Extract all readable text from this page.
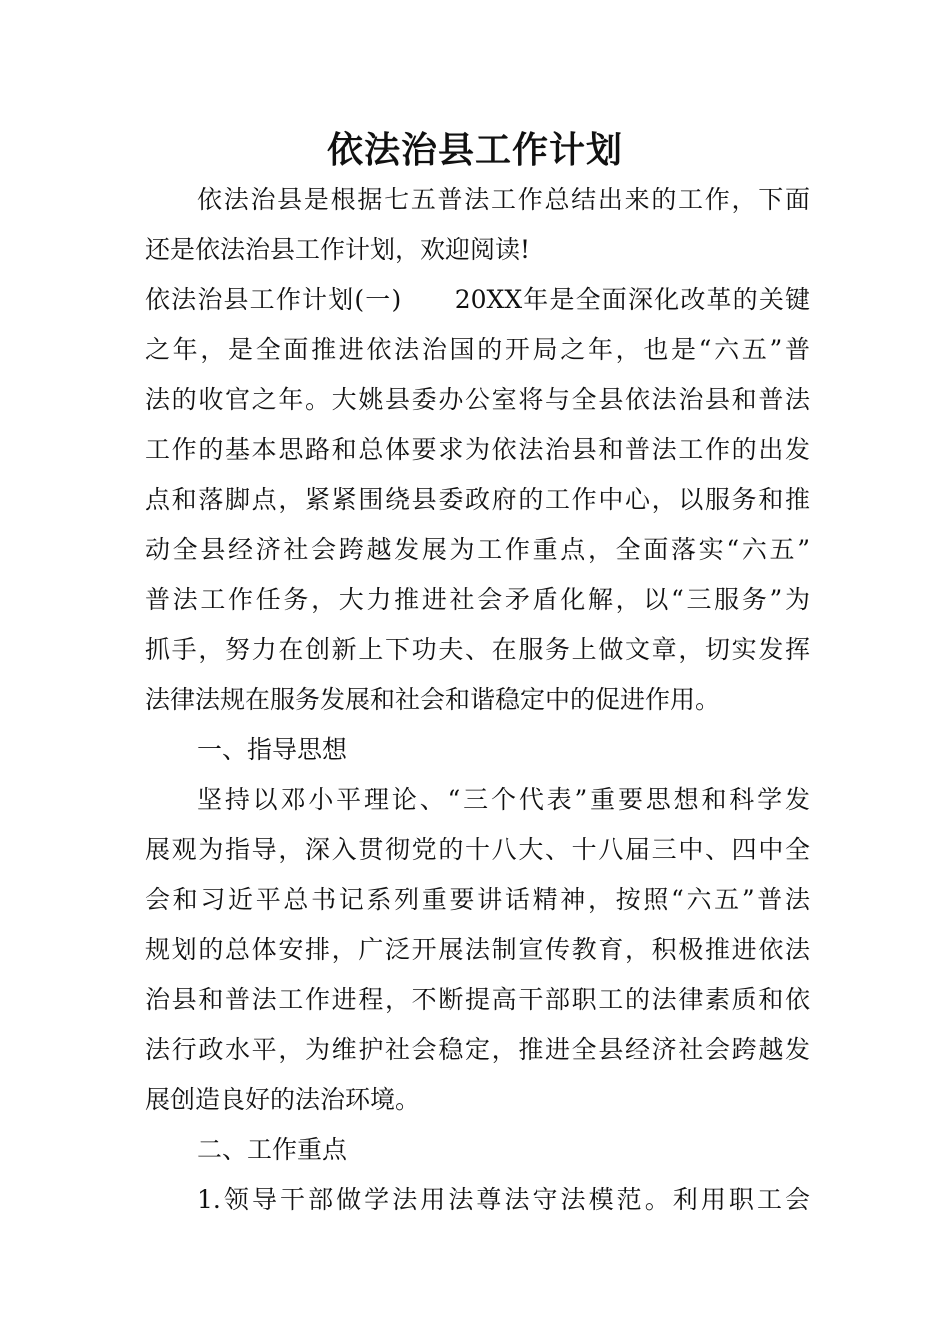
依法治县工作计划
依法治县是根据七五普法工作总结出来的工作，下面
还是依法治县工作计划，欢迎阅读!
依法治县工作计划(一)　　20XX年是全面深化改革的关键
之年，是全面推进依法治国的开局之年，也是“六五”普
法的收官之年。大姚县委办公室将与全县依法治县和普法
工作的基本思路和总体要求为依法治县和普法工作的出发
点和落脚点，紧紧围绕县委政府的工作中心，以服务和推
动全县经济社会跨越发展为工作重点，全面落实“六五”
普法工作任务，大力推进社会矛盾化解，以“三服务”为
抓手，努力在创新上下功夫、在服务上做文章，切实发挥
法律法规在服务发展和社会和谐稳定中的促进作用。
一、指导思想
坚持以邓小平理论、“三个代表”重要思想和科学发
展观为指导，深入贯彻党的十八大、十八届三中、四中全
会和习近平总书记系列重要讲话精神，按照“六五”普法
规划的总体安排，广泛开展法制宣传教育，积极推进依法
治县和普法工作进程，不断提高干部职工的法律素质和依
法行政水平，为维护社会稳定，推进全县经济社会跨越发
展创造良好的法治环境。
二、工作重点
1.领导干部做学法用法尊法守法模范。利用职工会
